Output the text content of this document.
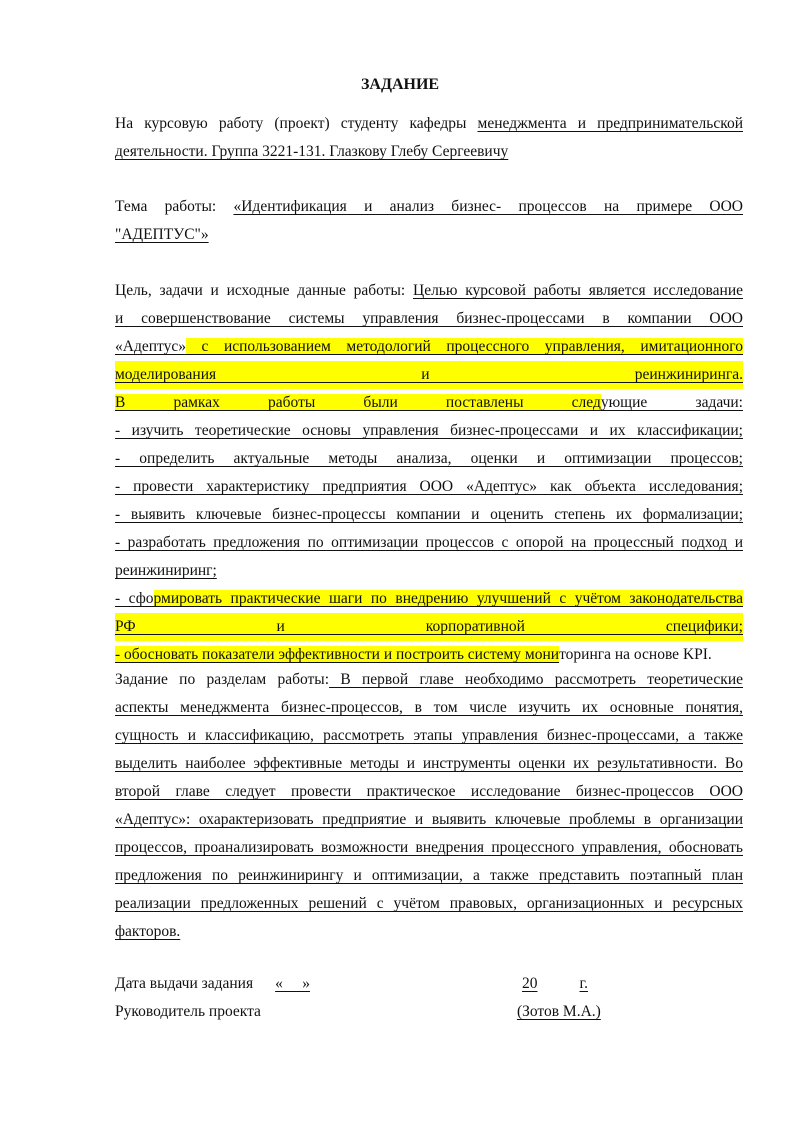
ЗАДАНИЕ
На курсовую работу (проект) студенту кафедры менеджмента и предпринимательской
деятельности. Группа 3221-131. Глазкову Глебу Сергеевичу
Тема работы: «Идентификация и анализ бизнес- процессов на примере ООО
"АДЕПТУС"»
Цель, задачи и исходные данные работы: Целью курсовой работы является исследование
и совершенствование системы управления бизнес-процессами в компании ООО
«Адептус» с использованием методологий процессного управления, имитационного
моделирования и реинжиниринга.
В рамках работы были поставлены следующие задачи:
- изучить теоретические основы управления бизнес-процессами и их классификации;
- определить актуальные методы анализа, оценки и оптимизации процессов;
- провести характеристику предприятия ООО «Адептус» как объекта исследования;
- выявить ключевые бизнес-процессы компании и оценить степень их формализации;
- разработать предложения по оптимизации процессов с опорой на процессный подход и
реинжиниринг;
- сформировать практические шаги по внедрению улучшений с учётом законодательства
РФ и корпоративной специфики;
- обосновать показатели эффективности и построить систему мониторинга на основе KPI.
Задание по разделам работы: В первой главе необходимо рассмотреть теоретические
аспекты менеджмента бизнес-процессов, в том числе изучить их основные понятия,
сущность и классификацию, рассмотреть этапы управления бизнес-процессами, а также
выделить наиболее эффективные методы и инструменты оценки их результативности. Во
второй главе следует провести практическое исследование бизнес-процессов ООО
«Адептус»: охарактеризовать предприятие и выявить ключевые проблемы в организации
процессов, проанализировать возможности внедрения процессного управления, обосновать
предложения по реинжинирингу и оптимизации, а также представить поэтапный план
реализации предложенных решений с учётом правовых, организационных и ресурсных
факторов.
Дата выдачи задания «     »	20	г.
Руководитель проекта	(Зотов М.А.)
